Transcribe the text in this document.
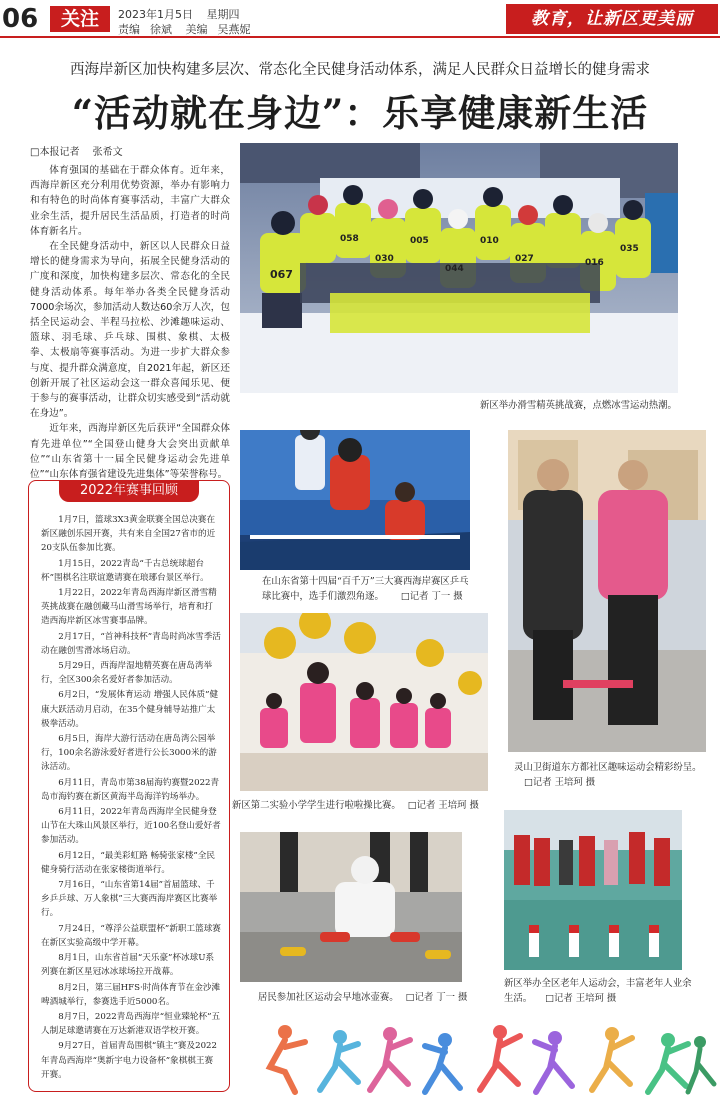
06	关注	2023年1月5日 星期四
责编 徐斌 美编 吴燕妮
教育，让新区更美丽
西海岸新区加快构建多层次、常态化全民健身活动体系，满足人民群众日益增长的健身需求
“活动就在身边”：乐享健康新生活
□本报记者 张希文

体育强国的基础在于群众体育。近年来，西海岸新区充分利用优势资源，举办有影响力和有特色的时尚体育赛事活动，丰富广大群众业余生活，提升居民生活品质，打造者的时尚体育新名片。

在全民健身活动中，新区以人民群众日益增长的健身需求为导向，拓展全民健身活动的广度和深度，加快构建多层次、常态化的全民健身活动体系。每年举办各类全民健身活动7000余场次，参加活动人数达60余万人次，包括全民运动会、半程马拉松、沙滩趣味运动、篮球、羽毛球、乒乓球、围棋、象棋、太极拳、太极扇等赛事活动。为进一步扩大群众参与度、提升群众满意度，自2021年起，新区还创新开展了社区运动会这一群众喜闻乐见、便于参与的赛事活动，让群众切实感受到“活动就在身边”。

近年来，西海岸新区先后获评“全国群众体育先进单位”“全国登山健身大会突出贡献单位”“山东省第十一届全民健身运动会先进单位”“山东体育强省建设先进集体”等荣誉称号。

2022年赛事回顾

1月7日，篮球3X3黄金联赛全国总决赛在新区融创乐园开赛，共有来自全国27省市的近20支队伍参加比赛。

1月15日，2022青岛“千古总统球超台杯”围棋名注联谊邀请赛在琅琊台景区举行。

1月22日，2022年青岛西海岸新区滑雪精英挑战赛在融创藏马山滑雪场举行，培育和打造西海岸新区冰雪赛事品牌。

2月17日，“首神科技杯”青岛时尚冰雪季活动在融创雪滑冰场启动。

5月29日，西海岸湿地精英赛在唐岛湾举行，全区300余名爱好者参加活动。

6月2日，“发展体育运动 增强人民体质”健康大跃活动月启动，在35个健身辅导站推广太极拳活动。

6月5日，海岸大游行活动在唐岛湾公园举行，100余名游泳爱好者进行公长3000米的游泳活动。

6月11日，青岛市第38届海钓赛暨2022青岛市海钓赛在新区黄海半岛海洋钓场举办。

6月11日，2022年青岛西海岸全民健身登山节在大珠山风景区举行，近100名登山爱好者参加活动。

6月12日，“最美彩虹路 畅骑张家楼”全民健身骑行活动在张家楼街道举行。

7月16日，“山东省第14届”首届篮球、千乡乒乒球、万人象棋”三大赛西海岸赛区比赛举行。

7月24日，“尊浮公益联盟杯”新职工篮球赛在新区实验高级中学开幕。

8月1日，山东省首届“天乐豪”杯冰球U系列赛在新区星冠冰冰球场拉开战幕。

8月2日，第三届HFS·时尚体育节在金沙滩啤酒城举行，参赛选手近5000名。

8月7日，2022青岛西海岸“恒业臻轮杯”五人制足球邀请赛在万达新港双语学校开赛。

9月27日，首届青岛围棋“镇主”赛及2022年青岛西海岸“奥新宇电力设备杯”象棋棋王赛开赛。

067
030
010
027
035
005
016
044
058
新区举办滑雪精英挑战赛，点燃冰雪运动热潮。
在山东省第十四届“百千万”三大赛西海岸赛区乒乓球比赛中，选手们激烈角逐。 □记者 丁一 摄
灵山卫街道东方都社区趣味运动会精彩纷呈。 □记者 王培珂 摄
新区第二实验小学学生进行啦啦操比赛。 □记者 王培珂 摄
居民参加社区运动会早地冰壶赛。 □记者 丁一 摄
新区举办全区老年人运动会，丰富老年人业余生活。 □记者 王培珂 摄
